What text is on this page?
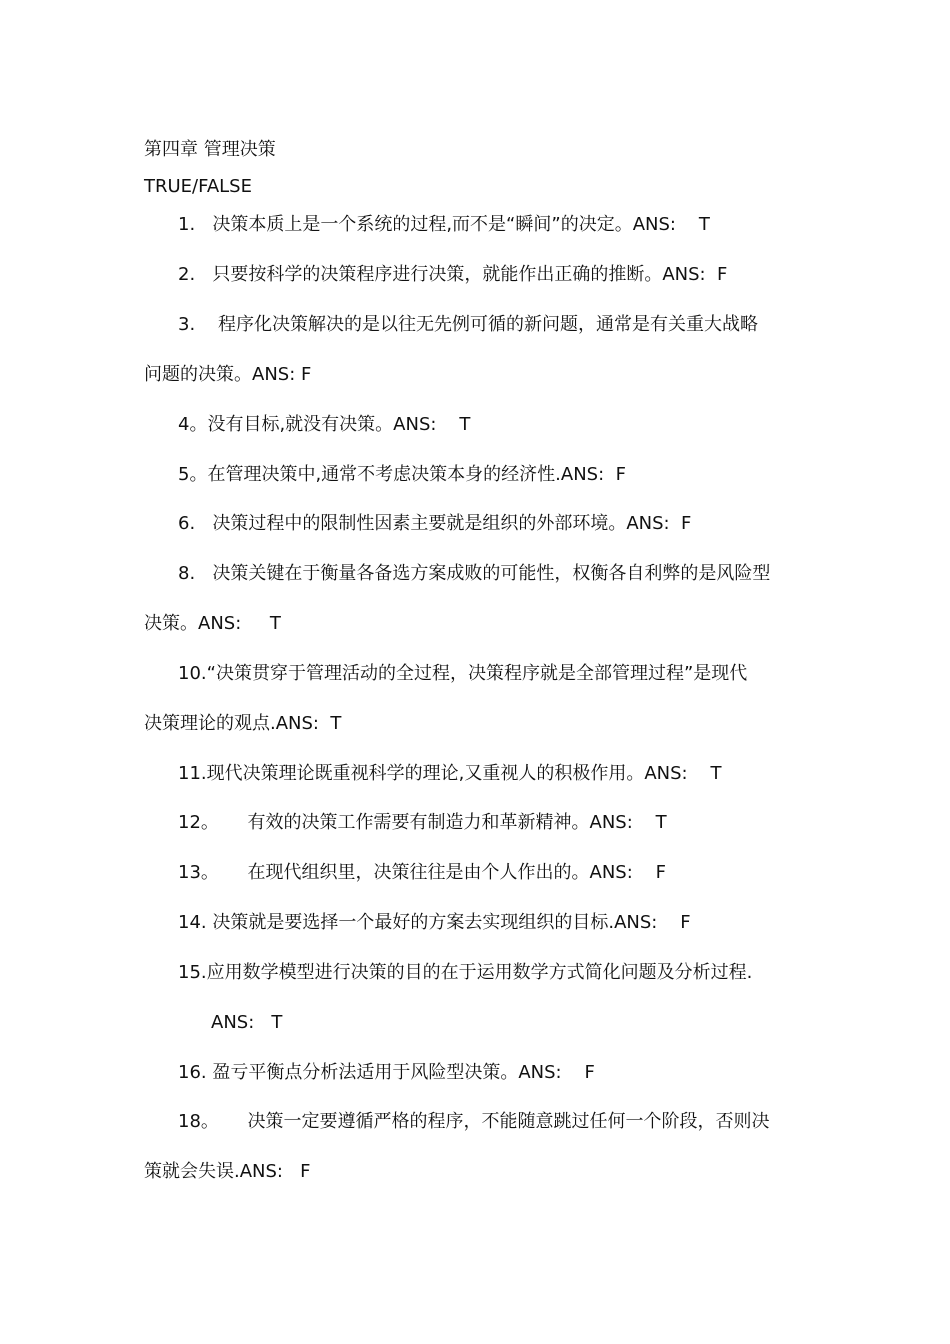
第四章 管理决策
TRUE/FALSE
1.   决策本质上是一个系统的过程,而不是“瞬间”的决定。ANS:    T
2.   只要按科学的决策程序进行决策，就能作出正确的推断。ANS:  F
3.    程序化决策解决的是以往无先例可循的新问题，通常是有关重大战略
问题的决策。ANS: F
4。没有目标,就没有决策。ANS:    T
5。在管理决策中,通常不考虑决策本身的经济性.ANS:  F
6.   决策过程中的限制性因素主要就是组织的外部环境。ANS:  F
8.   决策关键在于衡量各备选方案成败的可能性，权衡各自利弊的是风险型
决策。ANS:     T
10.“决策贯穿于管理活动的全过程，决策程序就是全部管理过程”是现代
决策理论的观点.ANS:  T
11.现代决策理论既重视科学的理论,又重视人的积极作用。ANS:    T
12。     有效的决策工作需要有制造力和革新精神。ANS:    T
13。     在现代组织里，决策往往是由个人作出的。ANS:    F
14. 决策就是要选择一个最好的方案去实现组织的目标.ANS:    F
15.应用数学模型进行决策的目的在于运用数学方式简化问题及分析过程.
ANS:   T
16. 盈亏平衡点分析法适用于风险型决策。ANS:    F
18。     决策一定要遵循严格的程序，不能随意跳过任何一个阶段，否则决
策就会失误.ANS:   F
